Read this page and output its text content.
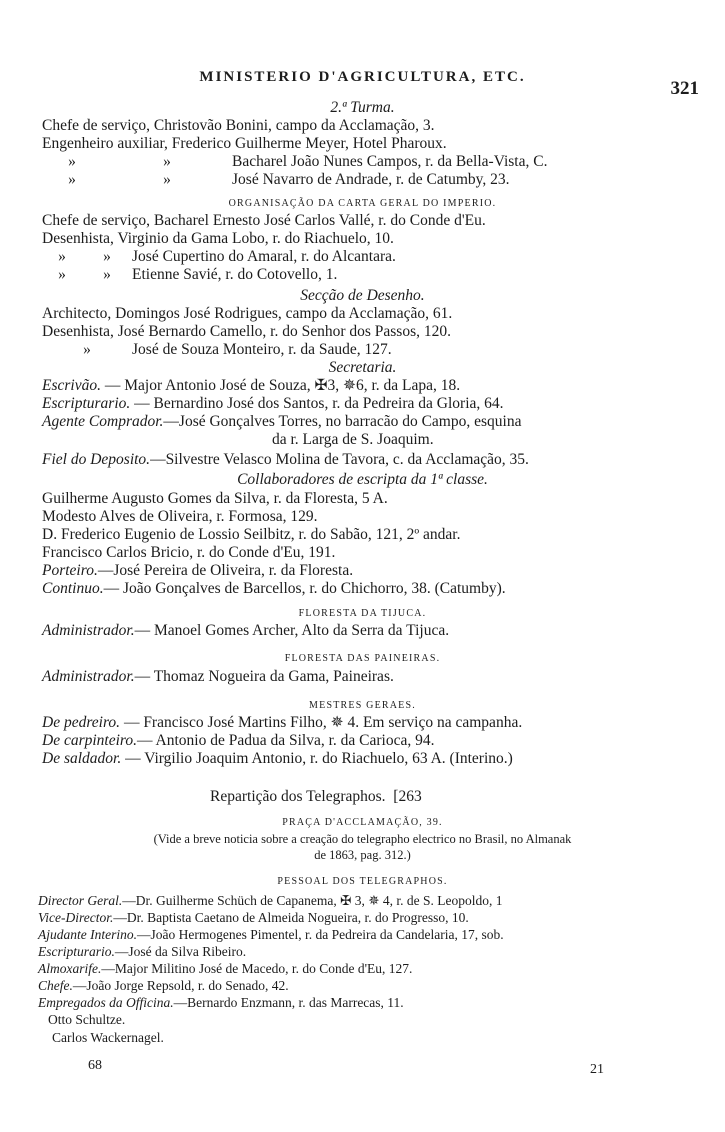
MINISTERIO D'AGRICULTURA, ETC.
321
2.ª Turma.
Chefe de serviço, Christovão Bonini, campo da Acclamação, 3.
Engenheiro auxiliar, Frederico Guilherme Meyer, Hotel Pharoux.
»	»	Bacharel João Nunes Campos, r. da Bella-Vista, C.
»	»	José Navarro de Andrade, r. de Catumby, 23.
ORGANISAÇÃO DA CARTA GERAL DO IMPERIO.
Chefe de serviço, Bacharel Ernesto José Carlos Vallé, r. do Conde d'Eu.
Desenhista, Virginio da Gama Lobo, r. do Riachuelo, 10.
» » José Cupertino do Amaral, r. do Alcantara.
» » Etienne Savié, r. do Cotovello, 1.
Secção de Desenho.
Architecto, Domingos José Rodrigues, campo da Acclamação, 61.
Desenhista, José Bernardo Camello, r. do Senhor dos Passos, 120.
»	José de Souza Monteiro, r. da Saude, 127.
Secretaria.
Escrivão. — Major Antonio José de Souza, ✠3, ✵6, r. da Lapa, 18.
Escripturario. — Bernardino José dos Santos, r. da Pedreira da Gloria, 64.
Agente Comprador.—José Gonçalves Torres, no barracão do Campo, esquina
da r. Larga de S. Joaquim.
Fiel do Deposito.—Silvestre Velasco Molina de Tavora, c. da Acclamação, 35.
Collaboradores de escripta da 1ª classe.
Guilherme Augusto Gomes da Silva, r. da Floresta, 5 A.
Modesto Alves de Oliveira, r. Formosa, 129.
D. Frederico Eugenio de Lossio Seilbitz, r. do Sabão, 121, 2º andar.
Francisco Carlos Bricio, r. do Conde d'Eu, 191.
Porteiro.—José Pereira de Oliveira, r. da Floresta.
Continuo.— João Gonçalves de Barcellos, r. do Chichorro, 38. (Catumby).
FLORESTA DA TIJUCA.
Administrador.— Manoel Gomes Archer, Alto da Serra da Tijuca.
FLORESTA DAS PAINEIRAS.
Administrador.— Thomaz Nogueira da Gama, Paineiras.
MESTRES GERAES.
De pedreiro. — Francisco José Martins Filho, ✵ 4. Em serviço na campanha.
De carpinteiro.— Antonio de Padua da Silva, r. da Carioca, 94.
De saldador. — Virgilio Joaquim Antonio, r. do Riachuelo, 63 A. (Interino.)
Repartição dos Telegraphos. [263
PRAÇA D'ACCLAMAÇÃO, 39.
(Vide a breve noticia sobre a creação do telegrapho electrico no Brasil, no Almanak
de 1863, pag. 312.)
PESSOAL DOS TELEGRAPHOS.
Director Geral.—Dr. Guilherme Schüch de Capanema, ✠ 3, ✵ 4, r. de S. Leopoldo, 1
Vice-Director.—Dr. Baptista Caetano de Almeida Nogueira, r. do Progresso, 10.
Ajudante Interino.—João Hermogenes Pimentel, r. da Pedreira da Candelaria, 17, sob.
Escripturario.—José da Silva Ribeiro.
Almoxarife.—Major Militino José de Macedo, r. do Conde d'Eu, 127.
Chefe.—João Jorge Repsold, r. do Senado, 42.
Empregados da Officina.—Bernardo Enzmann, r. das Marrecas, 11.
Otto Schultze.
Carlos Wackernagel.
68	21
